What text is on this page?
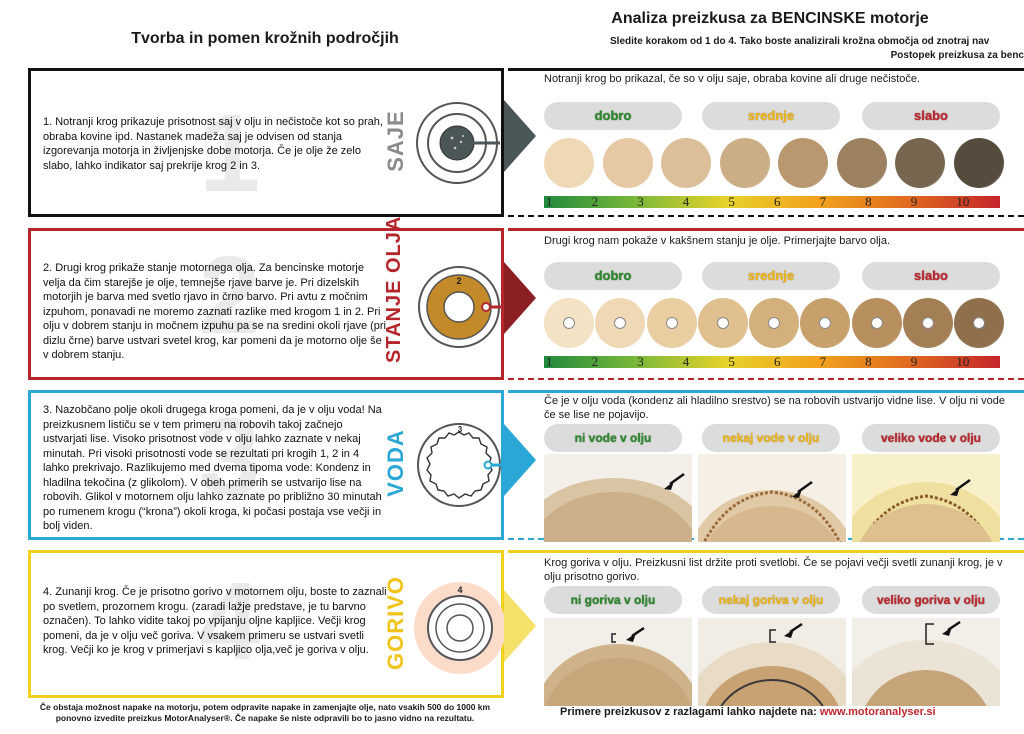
Tvorba in pomen krožnih področjih
Analiza preizkusa za BENCINSKE motorje
Sledite korakom od 1 do 4. Tako boste analizirali krožna območja od znotraj nav
Postopek preizkusa za benc
1
1. Notranji krog prikazuje prisotnost saj v olju in nečistoče kot so prah, obraba kovine ipd. Nastanek madeža saj je odvisen od stanja izgorevanja motorja in življenjske dobe motorja. Če je olje že zelo slabo, lahko indikator saj prekrije krog 2 in 3.	SAJE
Notranji krog bo prikazal, če so v olju saje, obraba kovine ali druge nečistoče.
dobro	srednje	slabo
1	2	3	4	5	6	7	8	9	10
2
2. Drugi krog prikaže stanje motornega olja. Za bencinske motorje velja da čim starejše je olje, temnejše rjave barve je. Pri dizelskih motorjih je barva med svetlo rjavo in črno barvo. Pri avtu z močnim izpuhom, ponavadi ne moremo zaznati razlike med krogom 1 in 2. Pri olju v dobrem stanju in močnem izpuhu pa se na sredini okoli rjave (pri dizlu črne) barve ustvari svetel krog, kar pomeni da je motorno olje še v dobrem stanju.
2
STANJE OLJA	Drugi krog nam pokaže v kakšnem stanju je olje. Primerjajte barvo olja.
dobro	srednje	slabo
1	2	3	4	5	6	7	8	9	10
3
3. Nazobčano polje okoli drugega kroga pomeni, da je v olju voda! Na preizkusnem lističu se v tem primeru na robovih takoj začnejo ustvarjati lise. Visoko prisotnost vode v olju lahko zaznate v nekaj minutah. Pri visoki prisotnosti vode se rezultati pri krogih 1, 2 in 4 lahko prekrivajo. Razlikujemo med dvema tipoma vode: Kondenz in hladilna tekočina (z glikolom). V obeh primerih se ustvarijo lise na robovih. Glikol v motornem olju lahko zaznate po približno 30 minutah po rumenem krogu (“krona”) okoli kroga, ki počasi postaja vse večji in bolj viden.
3
VODA
Če je v olju voda (kondenz ali hladilno srestvo) se na robovih ustvarijo vidne lise. V olju ni vode če se lise ne pojavijo.
ni vode v olju	nekaj vode v olju	veliko vode v olju
4
4. Zunanji krog. Če je prisotno gorivo v motornem olju, boste to zaznali po svetlem, prozornem krogu. (zaradi lažje predstave, je tu barvno označen). To lahko vidite takoj po vpijanju oljne kapljice. Večji krog pomeni, da je v olju več goriva. V vsakem primeru se ustvari svetli krog. Večji ko je krog v primerjavi s kapljico olja,več je goriva v olju.
4
GORIVO
Krog goriva v olju. Preizkusni list držite proti svetlobi. Če se pojavi večji svetli zunanji krog, je v olju prisotno gorivo.
ni goriva v olju	nekaj goriva v olju	veliko goriva v olju
Če obstaja možnost napake na motorju, potem odpravite napake in zamenjajte olje, nato vsakih 500 do 1000 km ponovno izvedite preizkus MotorAnalyser®. Če napake še niste odpravili bo to jasno vidno na rezultatu.	Primere preizkusov z razlagami lahko najdete na: www.motoranalyser.si
